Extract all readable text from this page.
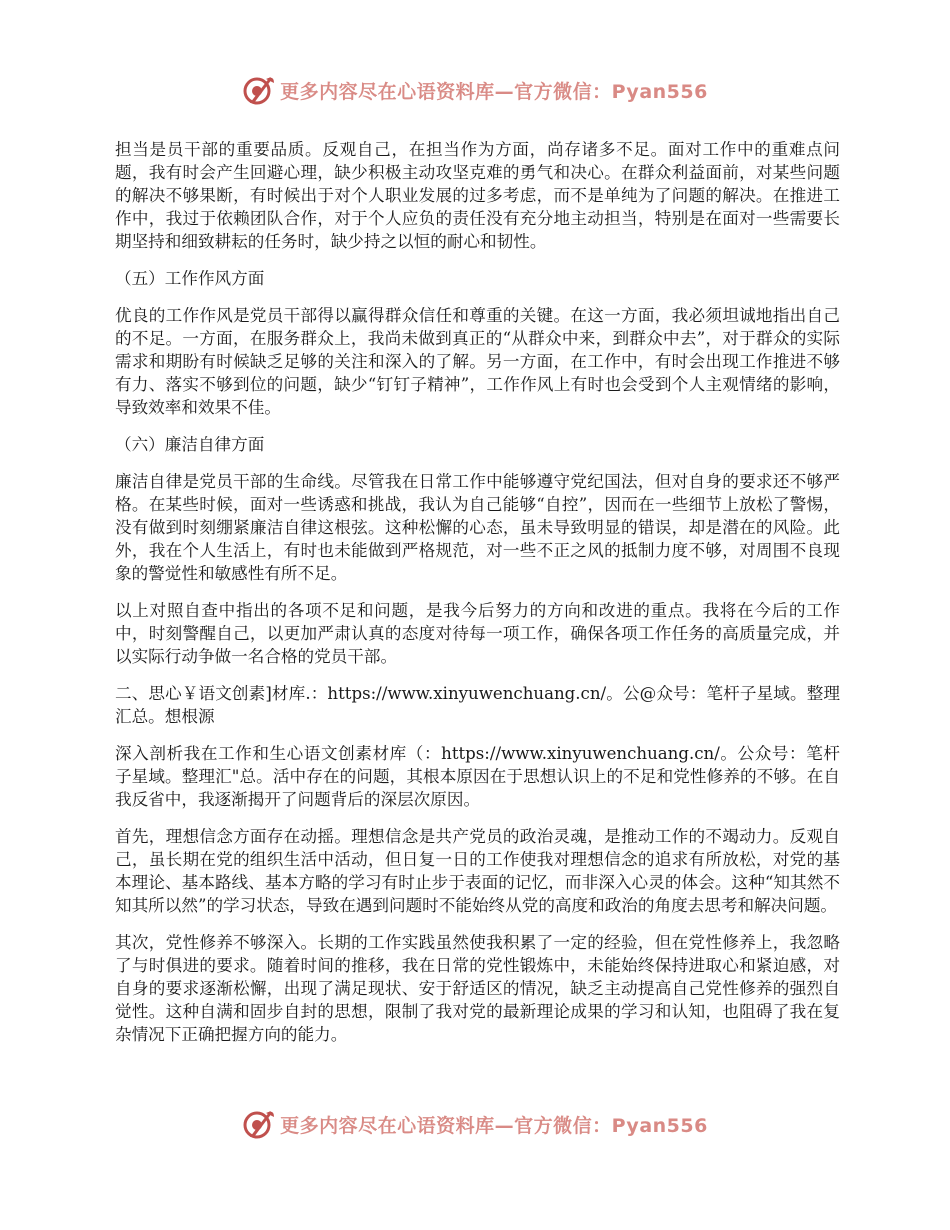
更多内容尽在心语资料库—官方微信：Pyan556

担当是员干部的重要品质。反观自己，在担当作为方面，尚存诸多不足。面对工作中的重难点问题，我有时会产生回避心理，缺少积极主动攻坚克难的勇气和决心。在群众利益面前，对某些问题的解决不够果断，有时候出于对个人职业发展的过多考虑，而不是单纯为了问题的解决。在推进工作中，我过于依赖团队合作，对于个人应负的责任没有充分地主动担当，特别是在面对一些需要长期坚持和细致耕耘的任务时，缺少持之以恒的耐心和韧性。

（五）工作作风方面

优良的工作作风是党员干部得以赢得群众信任和尊重的关键。在这一方面，我必须坦诚地指出自己的不足。一方面，在服务群众上，我尚未做到真正的“从群众中来，到群众中去”，对于群众的实际需求和期盼有时候缺乏足够的关注和深入的了解。另一方面，在工作中，有时会出现工作推进不够有力、落实不够到位的问题，缺少“钉钉子精神”，工作作风上有时也会受到个人主观情绪的影响，导致效率和效果不佳。

（六）廉洁自律方面

廉洁自律是党员干部的生命线。尽管我在日常工作中能够遵守党纪国法，但对自身的要求还不够严格。在某些时候，面对一些诱惑和挑战，我认为自己能够“自控”，因而在一些细节上放松了警惕，没有做到时刻绷紧廉洁自律这根弦。这种松懈的心态，虽未导致明显的错误，却是潜在的风险。此外，我在个人生活上，有时也未能做到严格规范，对一些不正之风的抵制力度不够，对周围不良现象的警觉性和敏感性有所不足。

以上对照自查中指出的各项不足和问题，是我今后努力的方向和改进的重点。我将在今后的工作中，时刻警醒自己，以更加严肃认真的态度对待每一项工作，确保各项工作任务的高质量完成，并以实际行动争做一名合格的党员干部。

二、思心￥语文创素]材库.：https://www.xinyuwenchuang.cn/。公@众号：笔杆子星域。整理汇总。想根源

深入剖析我在工作和生心语文创素材库（：https://www.xinyuwenchuang.cn/。公众号：笔杆子星域。整理汇"总。活中存在的问题，其根本原因在于思想认识上的不足和党性修养的不够。在自我反省中，我逐渐揭开了问题背后的深层次原因。

首先，理想信念方面存在动摇。理想信念是共产党员的政治灵魂，是推动工作的不竭动力。反观自己，虽长期在党的组织生活中活动，但日复一日的工作使我对理想信念的追求有所放松，对党的基本理论、基本路线、基本方略的学习有时止步于表面的记忆，而非深入心灵的体会。这种“知其然不知其所以然”的学习状态，导致在遇到问题时不能始终从党的高度和政治的角度去思考和解决问题。

其次，党性修养不够深入。长期的工作实践虽然使我积累了一定的经验，但在党性修养上，我忽略了与时俱进的要求。随着时间的推移，我在日常的党性锻炼中，未能始终保持进取心和紧迫感，对自身的要求逐渐松懈，出现了满足现状、安于舒适区的情况，缺乏主动提高自己党性修养的强烈自觉性。这种自满和固步自封的思想，限制了我对党的最新理论成果的学习和认知，也阻碍了我在复杂情况下正确把握方向的能力。

更多内容尽在心语资料库—官方微信：Pyan556
